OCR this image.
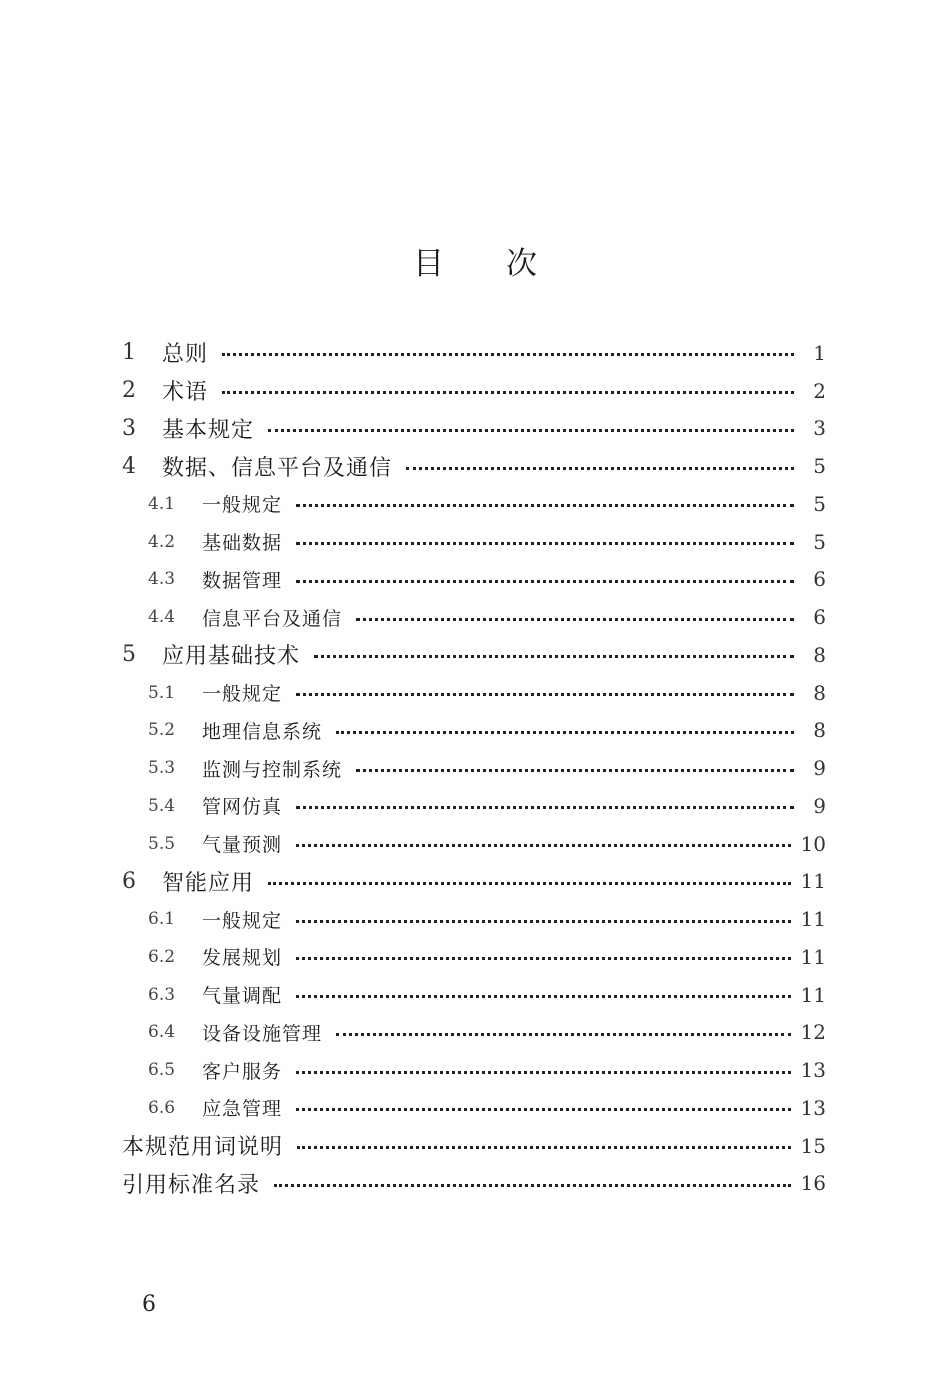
目　　次
1	总则	1
2	术语	2
3	基本规定	3
4	数据、信息平台及通信	5
4.1	一般规定	5
4.2	基础数据	5
4.3	数据管理	6
4.4	信息平台及通信	6
5	应用基础技术	8
5.1	一般规定	8
5.2	地理信息系统	8
5.3	监测与控制系统	9
5.4	管网仿真	9
5.5	气量预测	10
6	智能应用	11
6.1	一般规定	11
6.2	发展规划	11
6.3	气量调配	11
6.4	设备设施管理	12
6.5	客户服务	13
6.6	应急管理	13
本规范用词说明	15
引用标准名录	16
6
